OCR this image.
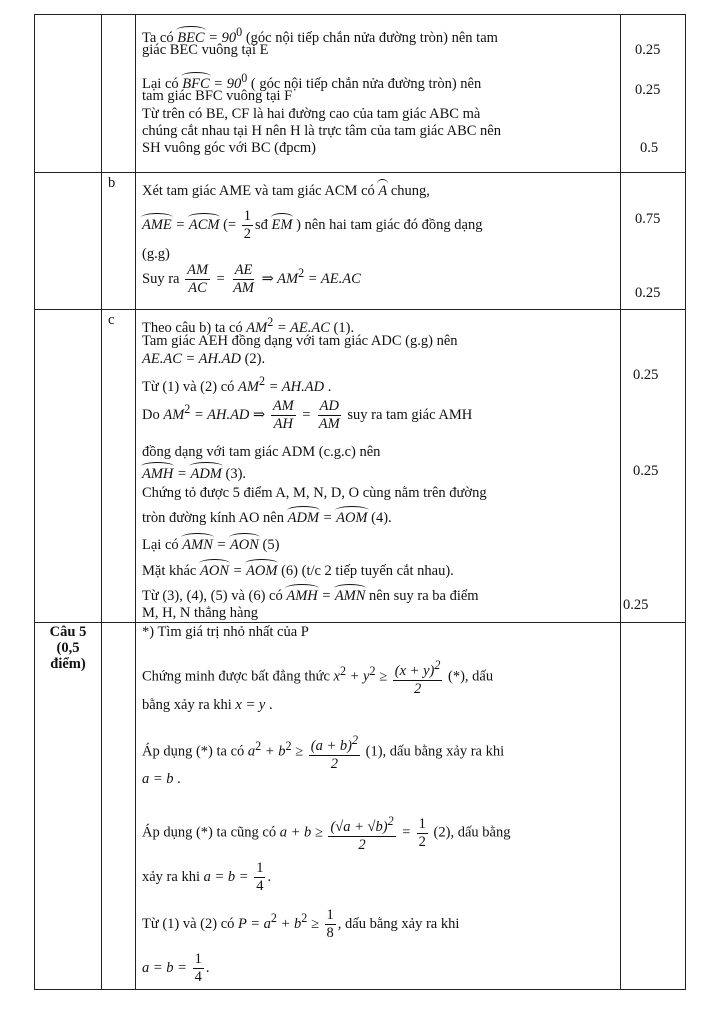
Ta có BEC = $90^0$ (góc nội tiếp chắn nửa đường tròn) nên tam
giác BEC vuông tại E
Lại có BFC = $90^0$ ( góc nội tiếp chắn nửa đường tròn) nên
tam giác BFC vuông tại F
Từ trên có BE, CF là hai đường cao của tam giác ABC mà
chúng cắt nhau tại H nên H là trực tâm của tam giác ABC nên
SH vuông góc với BC (đpcm)
b Xét tam giác AME và tam giác ACM có A chung,
AME = ACM (= $\frac{1}{2}$ sđ EM ) nên hai tam giác đó đồng dạng
(g.g)
Suy ra $\frac{AM}{AC} = \frac{AE}{AM}$ ⇒ $AM^2 = AE.AC$
c Theo câu b) ta có $AM^2 = AE.AC$ (1).
Tam giác AEH đồng dạng với tam giác ADC (g.g) nên
AE.AC = AH.AD (2).
Từ (1) và (2) có $AM^2 = AH.AD$ .
Do $AM^2 = AH.AD$ ⇒ $\frac{AM}{AH} = \frac{AD}{AM}$ suy ra tam giác AMH
đồng dạng với tam giác ADM (c.g.c) nên
AMH = ADM (3).
Chứng tỏ được 5 điểm A, M, N, D, O cùng nằm trên đường
tròn đường kính AO nên ADM = AOM (4).
Lại có AMN = AON (5)
Mặt khác AON = AOM (6) (t/c 2 tiếp tuyến cắt nhau).
Từ (3), (4), (5) và (6) có AMH = AMN nên suy ra ba điểm
M, H, N thẳng hàng
Câu 5
(0,5
điểm)
*) Tìm giá trị nhỏ nhất của P
Chứng minh được bất đẳng thức $x^2 + y^2 \ge \frac{(x + y)^2}{2}$ (*), dấu
bằng xảy ra khi x = y .
Áp dụng (*) ta có $a^2 + b^2 \ge \frac{(a + b)^2}{2} (1)$, dấu bằng xảy ra khi
a = b .
Áp dụng (*) ta cũng có $a + b \ge \frac{(√a + √b)^2}{2} = \frac{1}{2} (2)$, dấu bằng
xảy ra khi $a = b = \frac{1}{4}$ .
Từ (1) và (2) có $P = a^2 + b^2 \ge \frac{1}{8}$ , dấu bằng xảy ra khi
$a = b = \frac{1}{4}$ .
0.25
0.25
0.5
0.75
0.25
0.25
0.25
0.25
